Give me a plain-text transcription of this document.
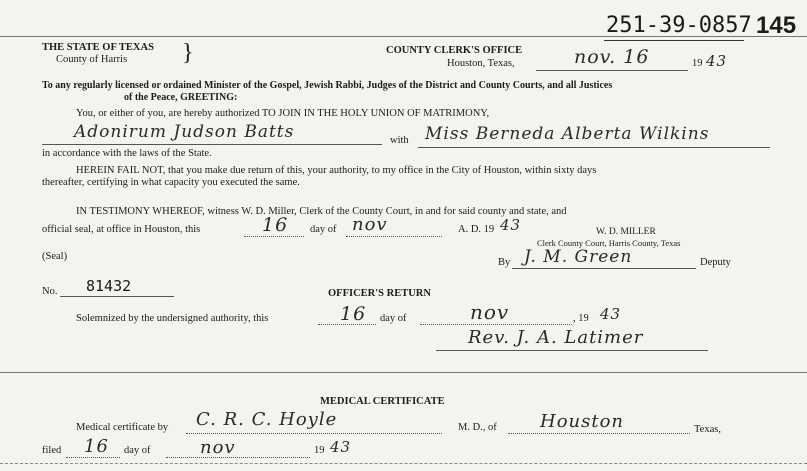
251-39-0857 145
THE STATE OF TEXAS
County of Harris }	COUNTY CLERK'S OFFICE
Houston, Texas,	nov. 16	19 43
To any regularly licensed or ordained Minister of the Gospel, Jewish Rabbi, Judges of the District and County Courts, and all Justices
of the Peace, GREETING:
You, or either of you, are hereby authorized TO JOIN IN THE HOLY UNION OF MATRIMONY,
Adonirum Judson Batts	with Miss Berneda Alberta Wilkins
in accordance with the laws of the State.
HEREIN FAIL NOT, that you make due return of this, your authority, to my office in the City of Houston, within sixty days
thereafter, certifying in what capacity you executed the same.
IN TESTIMONY WHEREOF, witness W. D. Miller, Clerk of the County Court, in and for said county and state, and
official seal, at office in Houston, this	16 day of nov	A. D. 19 43	W. D. MILLER
Clerk County Court, Harris County, Texas
(Seal)
By J. M. Green	Deputy
No. 81432	OFFICER'S RETURN
Solemnized by the undersigned authority, this	16 day of	nov	, 19 43
Rev. J. A. Latimer
MEDICAL CERTIFICATE
Medical certificate by C. R. C. Hoyle	M. D., of Houston	Texas,
filed 16 day of	nov	19 43
